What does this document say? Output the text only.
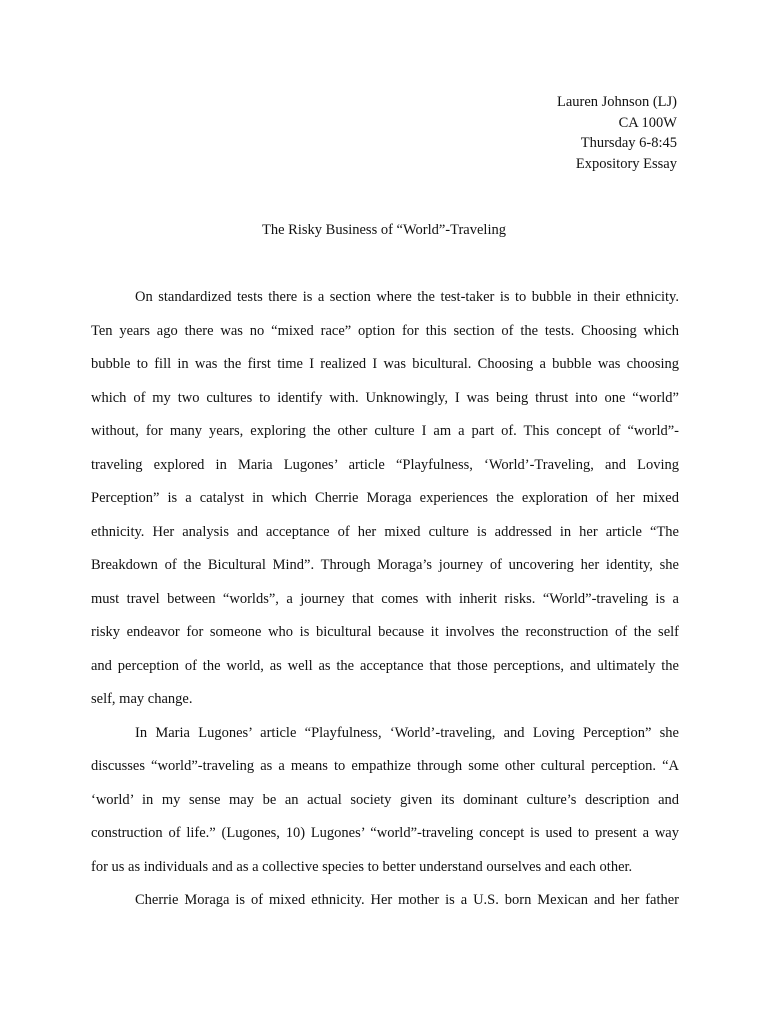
Lauren Johnson (LJ)
CA 100W
Thursday 6-8:45
Expository Essay
The Risky Business of “World”-Traveling
On standardized tests there is a section where the test-taker is to bubble in their ethnicity.
Ten years ago there was no “mixed race” option for this section of the tests. Choosing which
bubble to fill in was the first time I realized I was bicultural. Choosing a bubble was choosing
which of my two cultures to identify with. Unknowingly, I was being thrust into one “world”
without, for many years, exploring the other culture I am a part of. This concept of “world”-
traveling explored in Maria Lugones’ article “Playfulness, ‘World’-Traveling, and Loving
Perception” is a catalyst in which Cherrie Moraga experiences the exploration of her mixed
ethnicity. Her analysis and acceptance of her mixed culture is addressed in her article “The
Breakdown of the Bicultural Mind”. Through Moraga’s journey of uncovering her identity, she
must travel between “worlds”, a journey that comes with inherit risks. “World”-traveling is a
risky endeavor for someone who is bicultural because it involves the reconstruction of the self
and perception of the world, as well as the acceptance that those perceptions, and ultimately the
self, may change.
In Maria Lugones’ article “Playfulness, ‘World’-traveling, and Loving Perception” she
discusses “world”-traveling as a means to empathize through some other cultural perception. “A
‘world’ in my sense may be an actual society given its dominant culture’s description and
construction of life.” (Lugones, 10) Lugones’ “world”-traveling concept is used to present a way
for us as individuals and as a collective species to better understand ourselves and each other.
Cherrie Moraga is of mixed ethnicity. Her mother is a U.S. born Mexican and her father
